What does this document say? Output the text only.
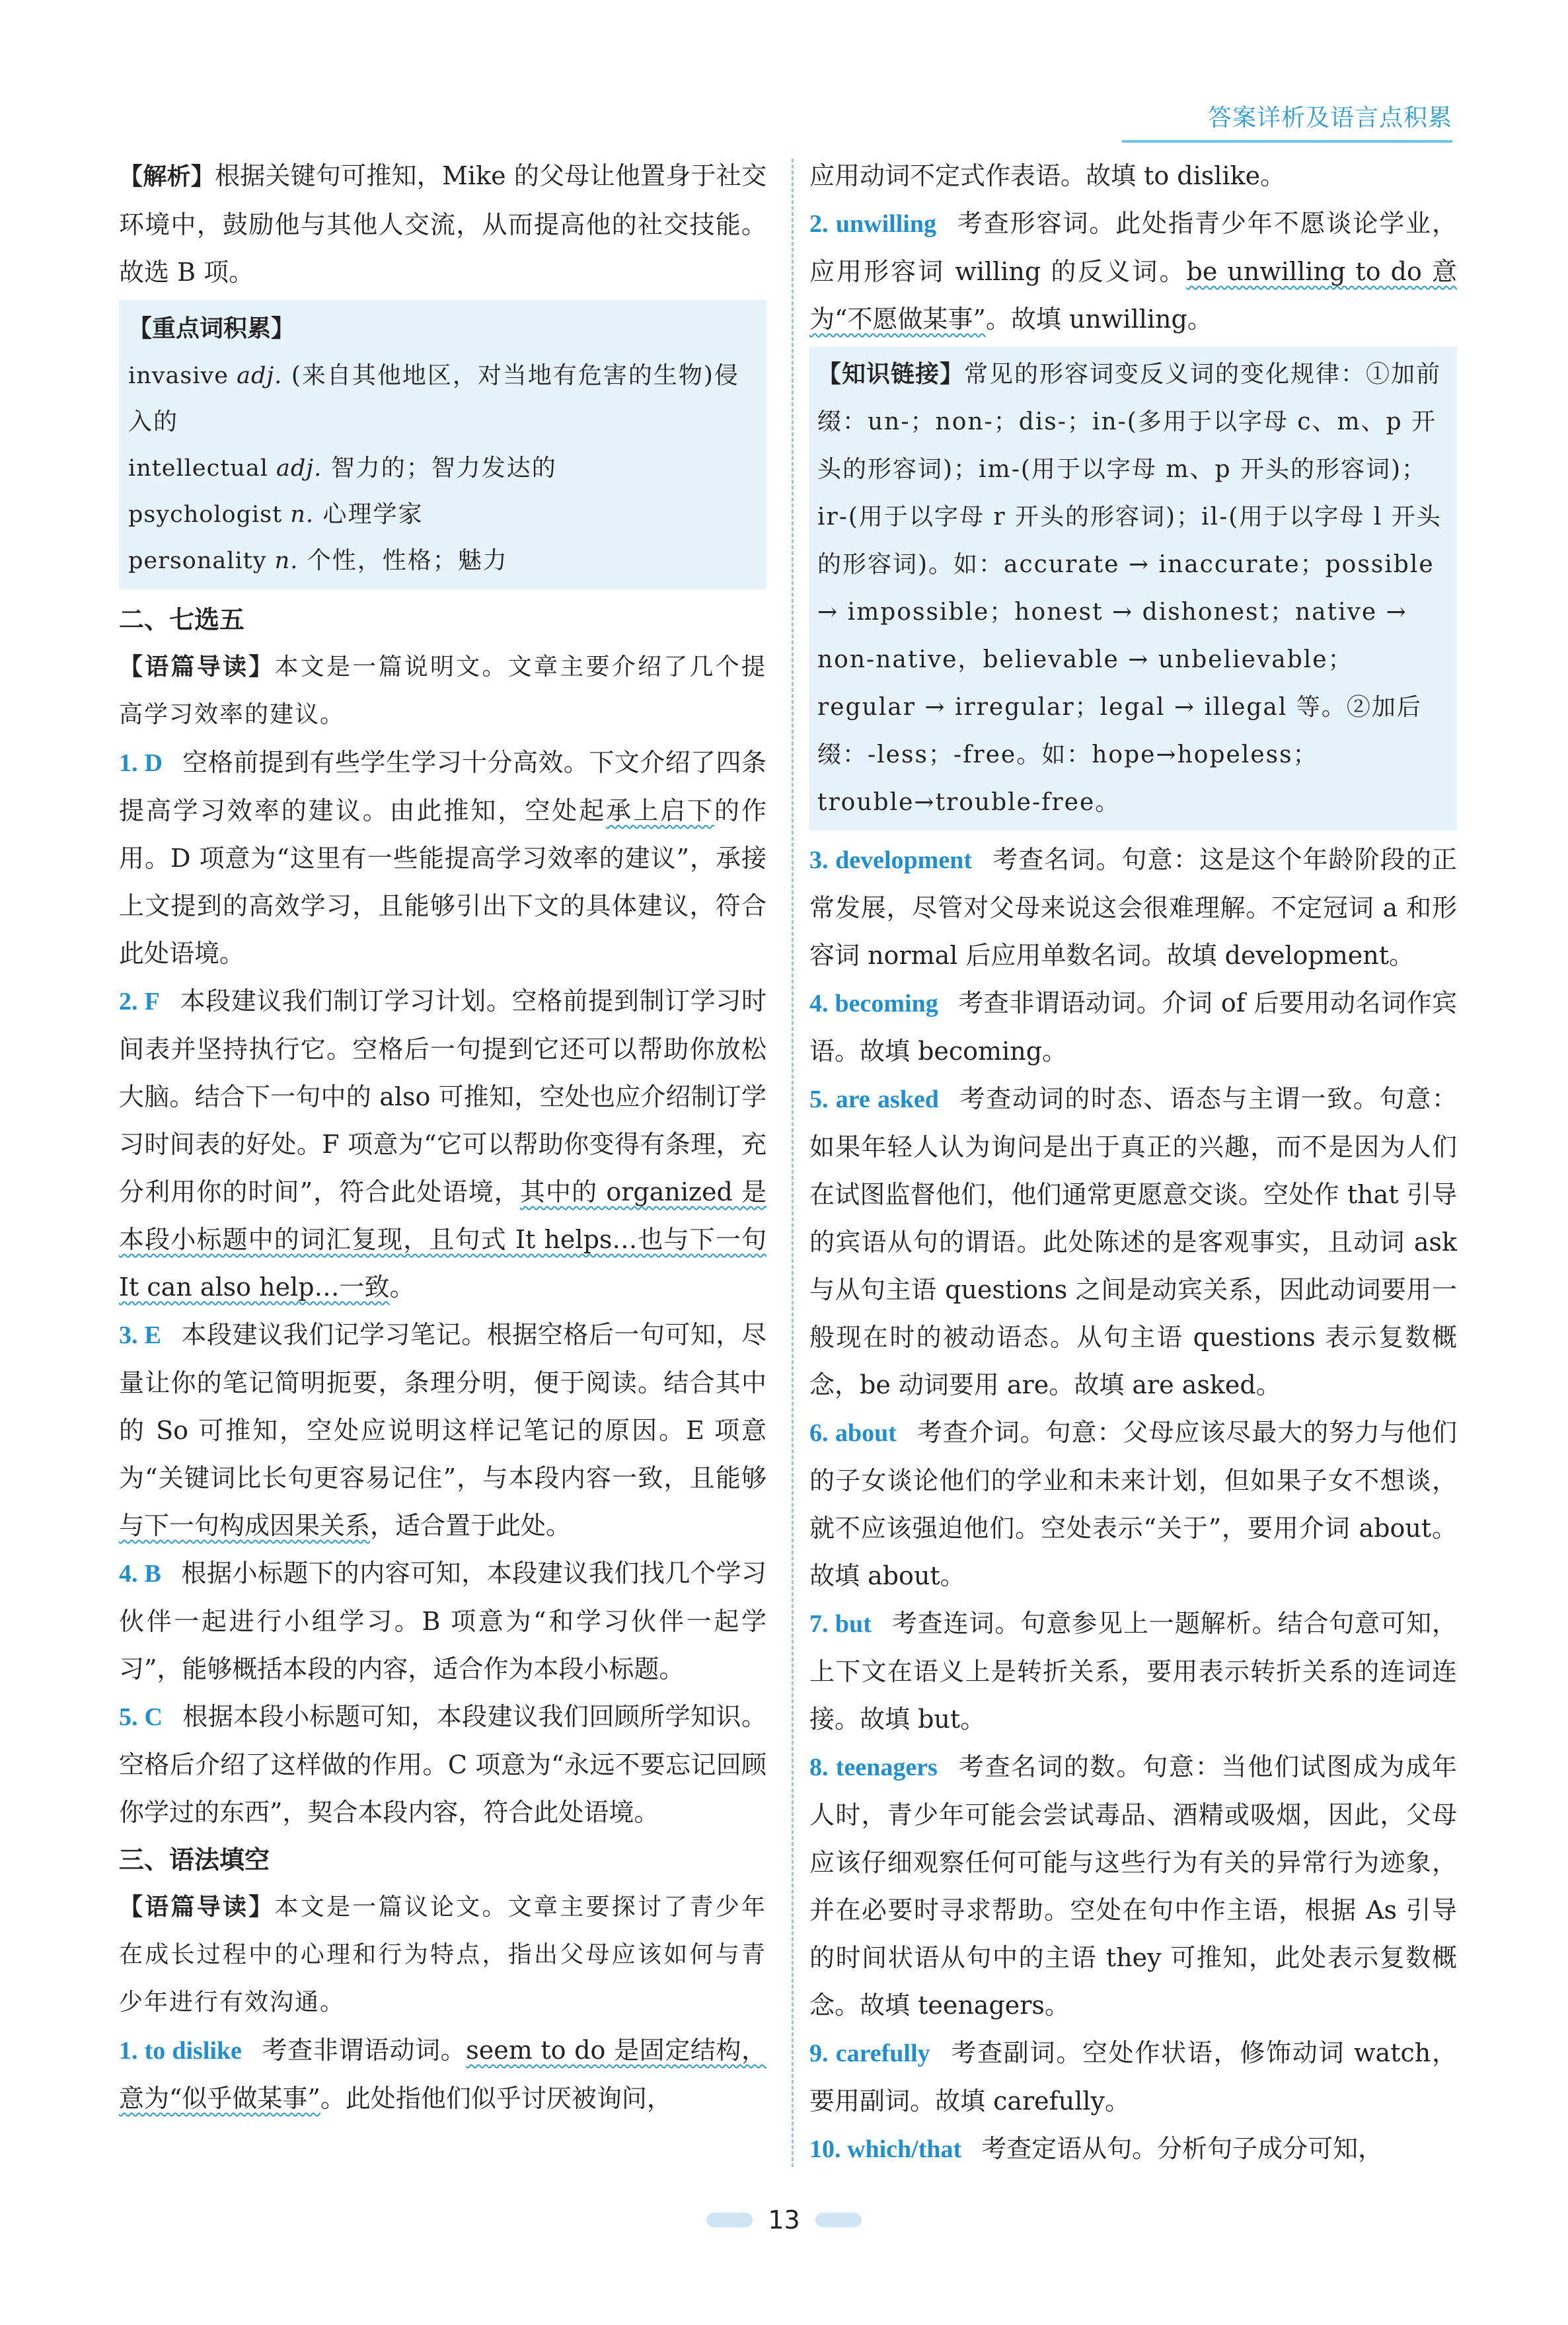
答案详析及语言点积累

【解析】根据关键句可推知，Mike 的父母让他置身于社交环境中，鼓励他与其他人交流，从而提高他的社交技能。故选 B 项。

【重点词积累】
invasive adj. (来自其他地区，对当地有危害的生物)侵入的
intellectual adj. 智力的；智力发达的
psychologist n. 心理学家
personality n. 个性，性格；魅力
二、七选五

【语篇导读】本文是一篇说明文。文章主要介绍了几个提高学习效率的建议。

1. D 空格前提到有些学生学习十分高效。下文介绍了四条提高学习效率的建议。由此推知，空处起承上启下的作用。D 项意为“这里有一些能提高学习效率的建议”，承接上文提到的高效学习，且能够引出下文的具体建议，符合此处语境。

2. F 本段建议我们制订学习计划。空格前提到制订学习时间表并坚持执行它。空格后一句提到它还可以帮助你放松大脑。结合下一句中的 also 可推知，空处也应介绍制订学习时间表的好处。F 项意为“它可以帮助你变得有条理，充分利用你的时间”，符合此处语境，其中的 organized 是本段小标题中的词汇复现，且句式 It helps…也与下一句 It can also help…一致。

3. E 本段建议我们记学习笔记。根据空格后一句可知，尽量让你的笔记简明扼要，条理分明，便于阅读。结合其中的 So 可推知，空处应说明这样记笔记的原因。E 项意为“关键词比长句更容易记住”，与本段内容一致，且能够与下一句构成因果关系，适合置于此处。

4. B 根据小标题下的内容可知，本段建议我们找几个学习伙伴一起进行小组学习。B 项意为“和学习伙伴一起学习”，能够概括本段的内容，适合作为本段小标题。

5. C 根据本段小标题可知，本段建议我们回顾所学知识。空格后介绍了这样做的作用。C 项意为“永远不要忘记回顾你学过的东西”，契合本段内容，符合此处语境。

三、语法填空

【语篇导读】本文是一篇议论文。文章主要探讨了青少年在成长过程中的心理和行为特点，指出父母应该如何与青少年进行有效沟通。

1. to dislike 考查非谓语动词。seem to do 是固定结构，意为“似乎做某事”。此处指他们似乎讨厌被询问，

应用动词不定式作表语。故填 to dislike。

2. unwilling 考查形容词。此处指青少年不愿谈论学业，应用形容词 willing 的反义词。be unwilling to do 意为“不愿做某事”。故填 unwilling。

【知识链接】常见的形容词变反义词的变化规律：①加前缀：un-；non-；dis-；in-(多用于以字母 c、m、p 开头的形容词)；im-(用于以字母 m、p 开头的形容词)；ir-(用于以字母 r 开头的形容词)；il-(用于以字母 l 开头的形容词)。如：accurate → inaccurate；possible → impossible；honest → dishonest；native → non-native，believable → unbelievable；regular → irregular；legal → illegal 等。②加后缀：-less；-free。如：hope→hopeless；trouble→trouble-free。

3. development 考查名词。句意：这是这个年龄阶段的正常发展，尽管对父母来说这会很难理解。不定冠词 a 和形容词 normal 后应用单数名词。故填 development。

4. becoming 考查非谓语动词。介词 of 后要用动名词作宾语。故填 becoming。

5. are asked 考查动词的时态、语态与主谓一致。句意：如果年轻人认为询问是出于真正的兴趣，而不是因为人们在试图监督他们，他们通常更愿意交谈。空处作 that 引导的宾语从句的谓语。此处陈述的是客观事实，且动词 ask 与从句主语 questions 之间是动宾关系，因此动词要用一般现在时的被动语态。从句主语 questions 表示复数概念，be 动词要用 are。故填 are asked。

6. about 考查介词。句意：父母应该尽最大的努力与他们的子女谈论他们的学业和未来计划，但如果子女不想谈，就不应该强迫他们。空处表示“关于”，要用介词 about。故填 about。

7. but 考查连词。句意参见上一题解析。结合句意可知，上下文在语义上是转折关系，要用表示转折关系的连词连接。故填 but。

8. teenagers 考查名词的数。句意：当他们试图成为成年人时，青少年可能会尝试毒品、酒精或吸烟，因此，父母应该仔细观察任何可能与这些行为有关的异常行为迹象，并在必要时寻求帮助。空处在句中作主语，根据 As 引导的时间状语从句中的主语 they 可推知，此处表示复数概念。故填 teenagers。

9. carefully 考查副词。空处作状语，修饰动词 watch，要用副词。故填 carefully。

10. which/that 考查定语从句。分析句子成分可知，

13
